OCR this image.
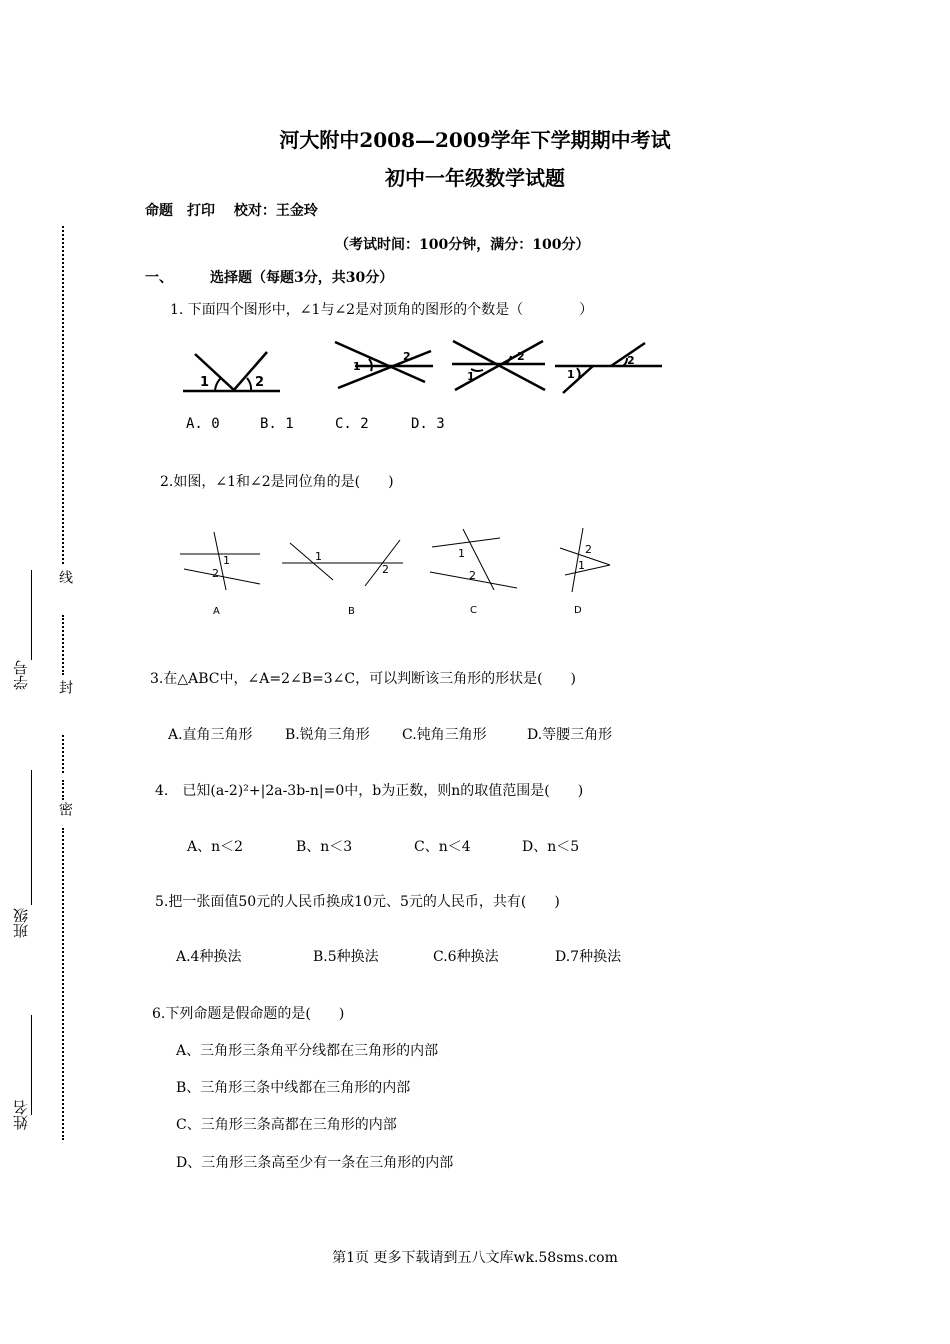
河大附中2008—2009学年下学期期中考试
初中一年级数学试题
命题　打印　 校对：王金玲
（考试时间：100分钟，满分：100分）
一、	选择题（每题3分，共30分）
1. 下面四个图形中，∠1与∠2是对顶角的图形的个数是（　　　　）
1	2
1
2
1
2
1
2
A. 0	B. 1	C. 2	D. 3
2.如图，∠1和∠2是同位角的是(　　)
1
2
A
1
2
B
1
2
C
2
1
D
3.在△ABC中，∠A=2∠B=3∠C，可以判断该三角形的形状是(　　)
A.直角三角形 B.锐角三角形 C.钝角三角形	D.等腰三角形
4.　已知(a-2)²+|2a-3b-n|=0中，b为正数，则n的取值范围是(　　)
A、n＜2	B、n＜3	C、n＜4	D、n＜5
5.把一张面值50元的人民币换成10元、5元的人民币，共有(　　)
A.4种换法	B.5种换法	C.6种换法	D.7种换法
6.下列命题是假命题的是(　　)
A、三角形三条角平分线都在三角形的内部
B、三角形三条中线都在三角形的内部
C、三角形三条高都在三角形的内部
D、三角形三条高至少有一条在三角形的内部
线
封
密
学号
班级
姓名
第1页 更多下载请到五八文库wk.58sms.com
